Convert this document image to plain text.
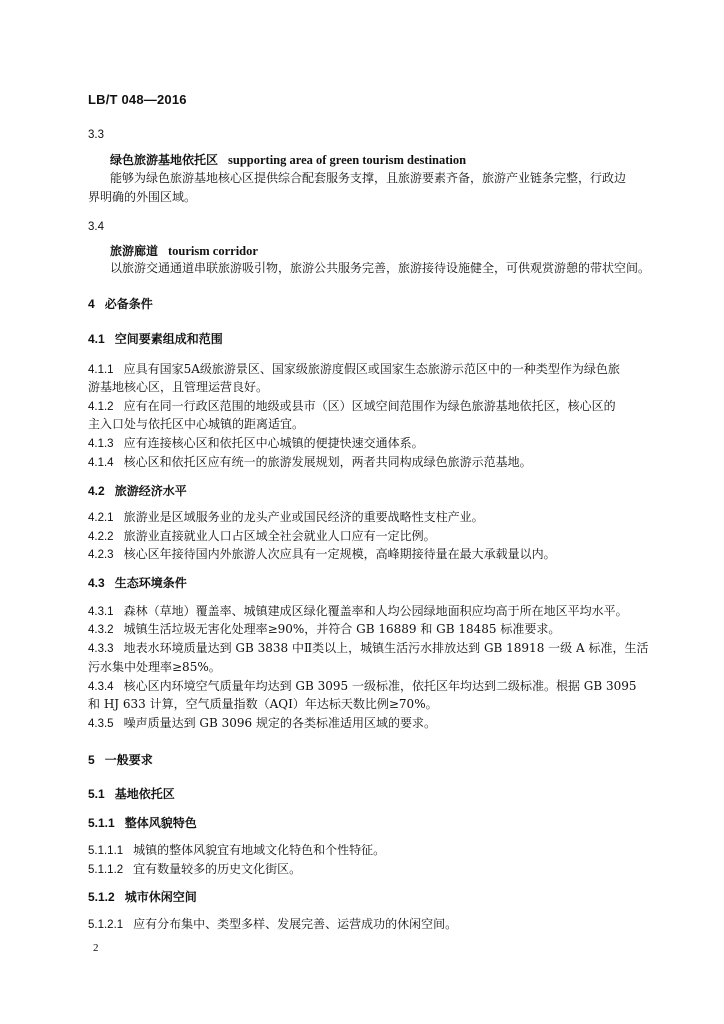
LB/T 048—2016
3.3
绿色旅游基地依托区 supporting area of green tourism destination
能够为绿色旅游基地核心区提供综合配套服务支撑，且旅游要素齐备，旅游产业链条完整，行政边
界明确的外围区域。
3.4
旅游廊道 tourism corridor
以旅游交通通道串联旅游吸引物，旅游公共服务完善，旅游接待设施健全，可供观赏游憩的带状空间。
4 必备条件
4.1 空间要素组成和范围
4.1.1 应具有国家5A级旅游景区、国家级旅游度假区或国家生态旅游示范区中的一种类型作为绿色旅
游基地核心区，且管理运营良好。
4.1.2 应有在同一行政区范围的地级或县市（区）区域空间范围作为绿色旅游基地依托区，核心区的
主入口处与依托区中心城镇的距离适宜。
4.1.3 应有连接核心区和依托区中心城镇的便捷快速交通体系。
4.1.4 核心区和依托区应有统一的旅游发展规划，两者共同构成绿色旅游示范基地。
4.2 旅游经济水平
4.2.1 旅游业是区域服务业的龙头产业或国民经济的重要战略性支柱产业。
4.2.2 旅游业直接就业人口占区域全社会就业人口应有一定比例。
4.2.3 核心区年接待国内外旅游人次应具有一定规模，高峰期接待量在最大承载量以内。
4.3 生态环境条件
4.3.1 森林（草地）覆盖率、城镇建成区绿化覆盖率和人均公园绿地面积应均高于所在地区平均水平。
4.3.2 城镇生活垃圾无害化处理率≥90%，并符合 GB 16889 和 GB 18485 标准要求。
4.3.3 地表水环境质量达到 GB 3838 中Ⅱ类以上，城镇生活污水排放达到 GB 18918 一级 A 标准，生活
污水集中处理率≥85%。
4.3.4 核心区内环境空气质量年均达到 GB 3095 一级标准，依托区年均达到二级标准。根据 GB 3095
和 HJ 633 计算，空气质量指数（AQI）年达标天数比例≥70%。
4.3.5 噪声质量达到 GB 3096 规定的各类标准适用区域的要求。
5 一般要求
5.1 基地依托区
5.1.1 整体风貌特色
5.1.1.1 城镇的整体风貌宜有地域文化特色和个性特征。
5.1.1.2 宜有数量较多的历史文化街区。
5.1.2 城市休闲空间
5.1.2.1 应有分布集中、类型多样、发展完善、运营成功的休闲空间。
2
